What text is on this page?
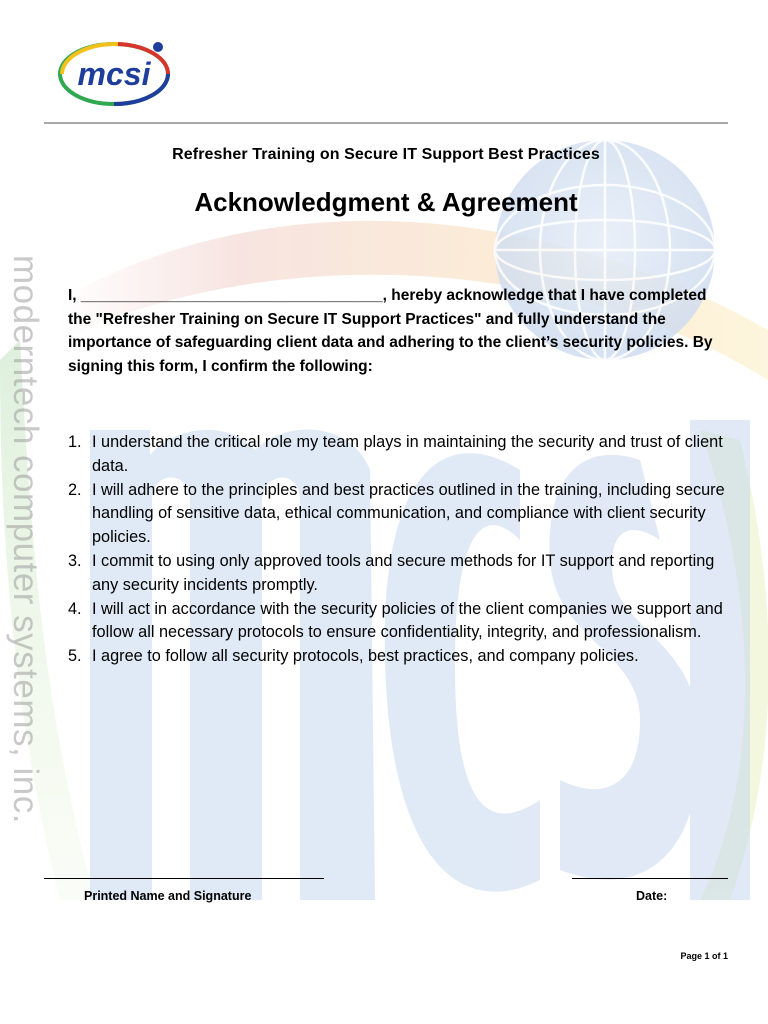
moderntech computer systems, inc.
mcsi
Refresher Training on Secure IT Support Best Practices
Acknowledgment & Agreement
I, ___________________________________, hereby acknowledge that I have completed the "Refresher Training on Secure IT Support Practices" and fully understand the importance of safeguarding client data and adhering to the client’s security policies. By signing this form, I confirm the following:
1. I understand the critical role my team plays in maintaining the security and trust of client data.
2. I will adhere to the principles and best practices outlined in the training, including secure handling of sensitive data, ethical communication, and compliance with client security policies.
3. I commit to using only approved tools and secure methods for IT support and reporting any security incidents promptly.
4. I will act in accordance with the security policies of the client companies we support and follow all necessary protocols to ensure confidentiality, integrity, and professionalism.
5. I agree to follow all security protocols, best practices, and company policies.
Printed Name and Signature	Date:
Page 1 of 1
